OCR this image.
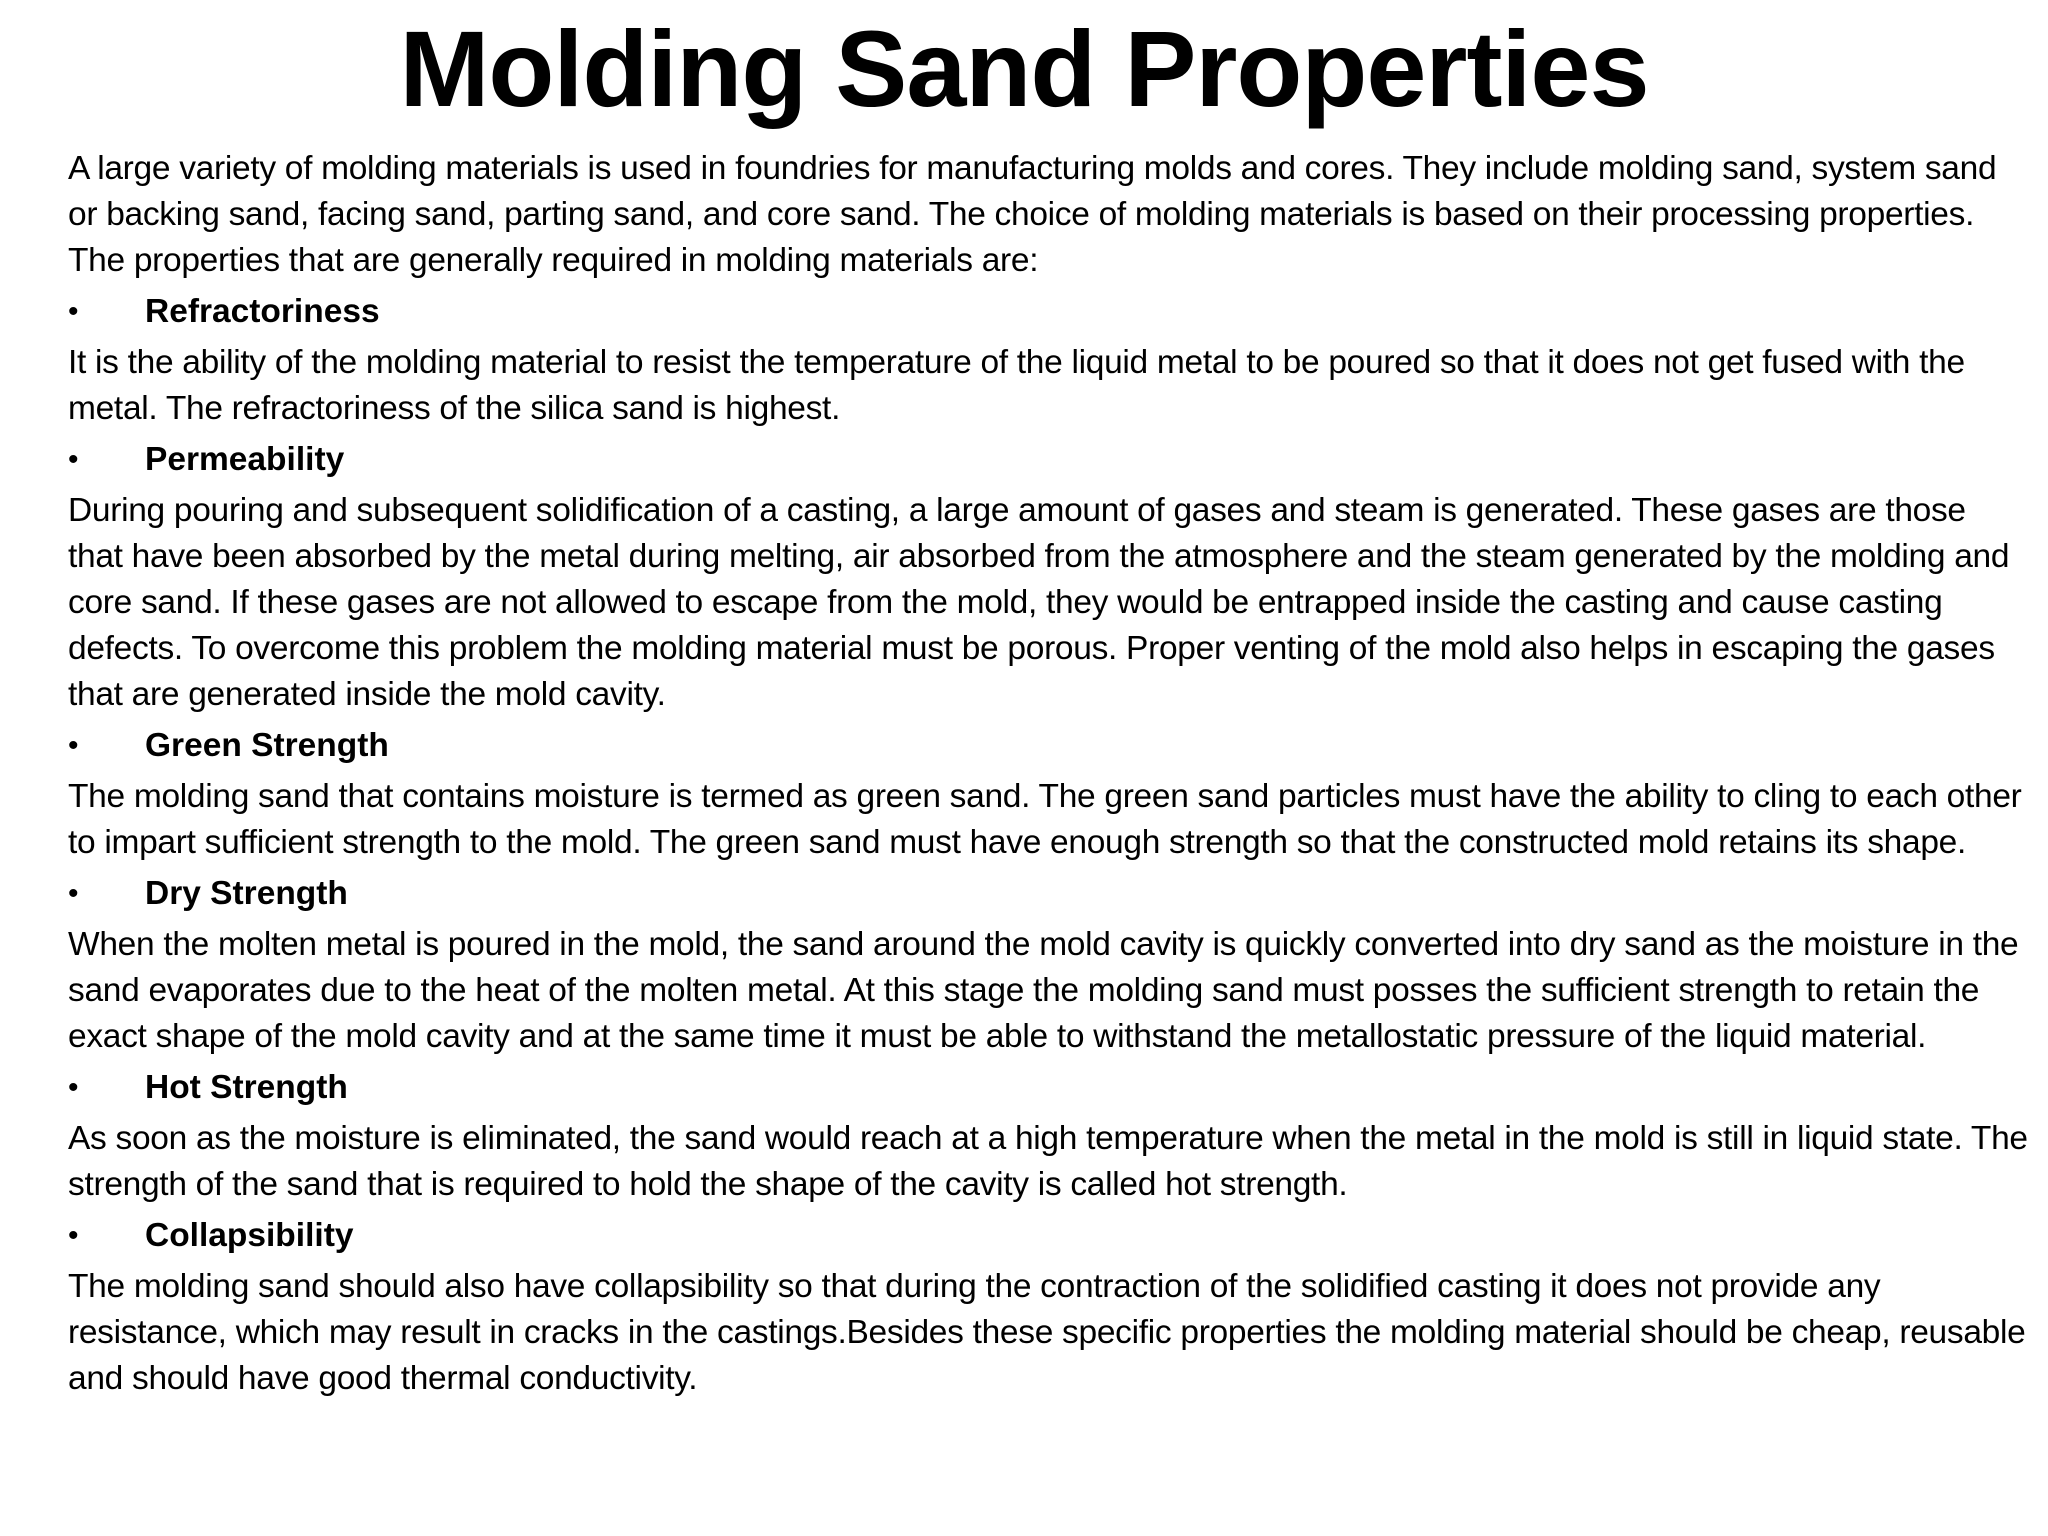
Molding Sand Properties

A large variety of molding materials is used in foundries for manufacturing molds and cores. They include molding sand, system sand or backing sand, facing sand, parting sand, and core sand. The choice of molding materials is based on their processing properties. The properties that are generally required in molding materials are:

•	Refractoriness

It is the ability of the molding material to resist the temperature of the liquid metal to be poured so that it does not get fused with the metal. The refractoriness of the silica sand is highest.

•	Permeability

During pouring and subsequent solidification of a casting, a large amount of gases and steam is generated. These gases are those that have been absorbed by the metal during melting, air absorbed from the atmosphere and the steam generated by the molding and core sand. If these gases are not allowed to escape from the mold, they would be entrapped inside the casting and cause casting defects. To overcome this problem the molding material must be porous. Proper venting of the mold also helps in escaping the gases that are generated inside the mold cavity.

•	Green Strength

The molding sand that contains moisture is termed as green sand. The green sand particles must have the ability to cling to each other to impart sufficient strength to the mold. The green sand must have enough strength so that the constructed mold retains its shape.

•	Dry Strength

When the molten metal is poured in the mold, the sand around the mold cavity is quickly converted into dry sand as the moisture in the sand evaporates due to the heat of the molten metal. At this stage the molding sand must posses the sufficient strength to retain the exact shape of the mold cavity and at the same time it must be able to withstand the metallostatic pressure of the liquid material.

•	Hot Strength

As soon as the moisture is eliminated, the sand would reach at a high temperature when the metal in the mold is still in liquid state. The strength of the sand that is required to hold the shape of the cavity is called hot strength.

•	Collapsibility

The molding sand should also have collapsibility so that during the contraction of the solidified casting it does not provide any resistance, which may result in cracks in the castings.Besides these specific properties the molding material should be cheap, reusable and should have good thermal conductivity.
